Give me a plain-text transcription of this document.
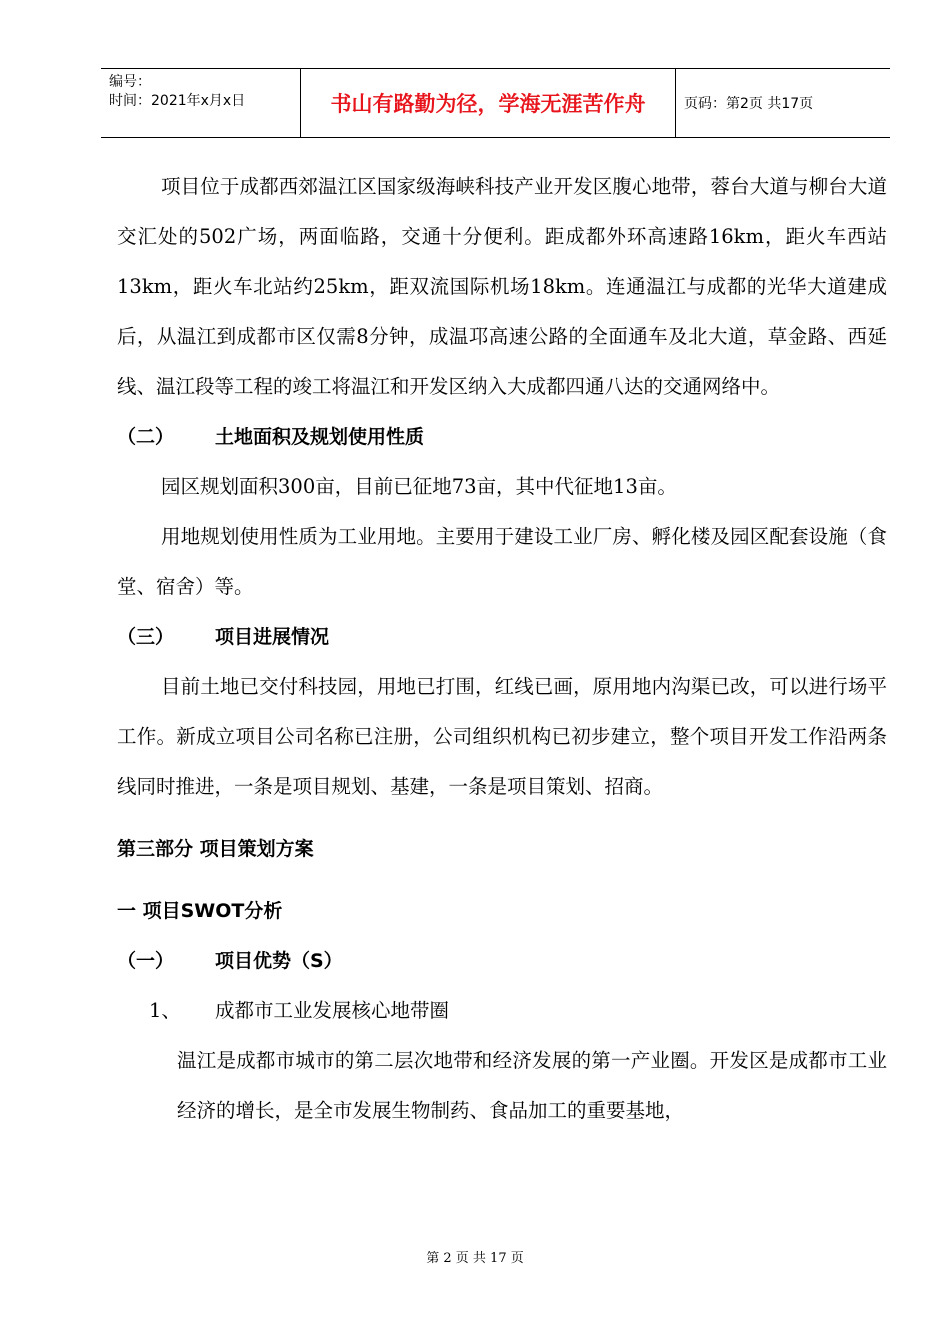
编号：
时间：2021年x月x日	书山有路勤为径，学海无涯苦作舟	页码：第2页 共17页

项目位于成都西郊温江区国家级海峡科技产业开发区腹心地带，蓉台大道与柳台大道交汇处的502广场，两面临路，交通十分便利。距成都外环高速路16km，距火车西站13km，距火车北站约25km，距双流国际机场18km。连通温江与成都的光华大道建成后，从温江到成都市区仅需8分钟，成温邛高速公路的全面通车及北大道，草金路、西延线、温江段等工程的竣工将温江和开发区纳入大成都四通八达的交通网络中。

（二） 土地面积及规划使用性质

园区规划面积300亩，目前已征地73亩，其中代征地13亩。

用地规划使用性质为工业用地。主要用于建设工业厂房、孵化楼及园区配套设施（食堂、宿舍）等。

（三） 项目进展情况

目前土地已交付科技园，用地已打围，红线已画，原用地内沟渠已改，可以进行场平工作。新成立项目公司名称已注册，公司组织机构已初步建立，整个项目开发工作沿两条线同时推进，一条是项目规划、基建，一条是项目策划、招商。

第三部分 项目策划方案

一 项目SWOT分析

（一） 项目优势（S）

1、 成都市工业发展核心地带圈

温江是成都市城市的第二层次地带和经济发展的第一产业圈。开发区是成都市工业经济的增长，是全市发展生物制药、食品加工的重要基地，

第 2 页 共 17 页
